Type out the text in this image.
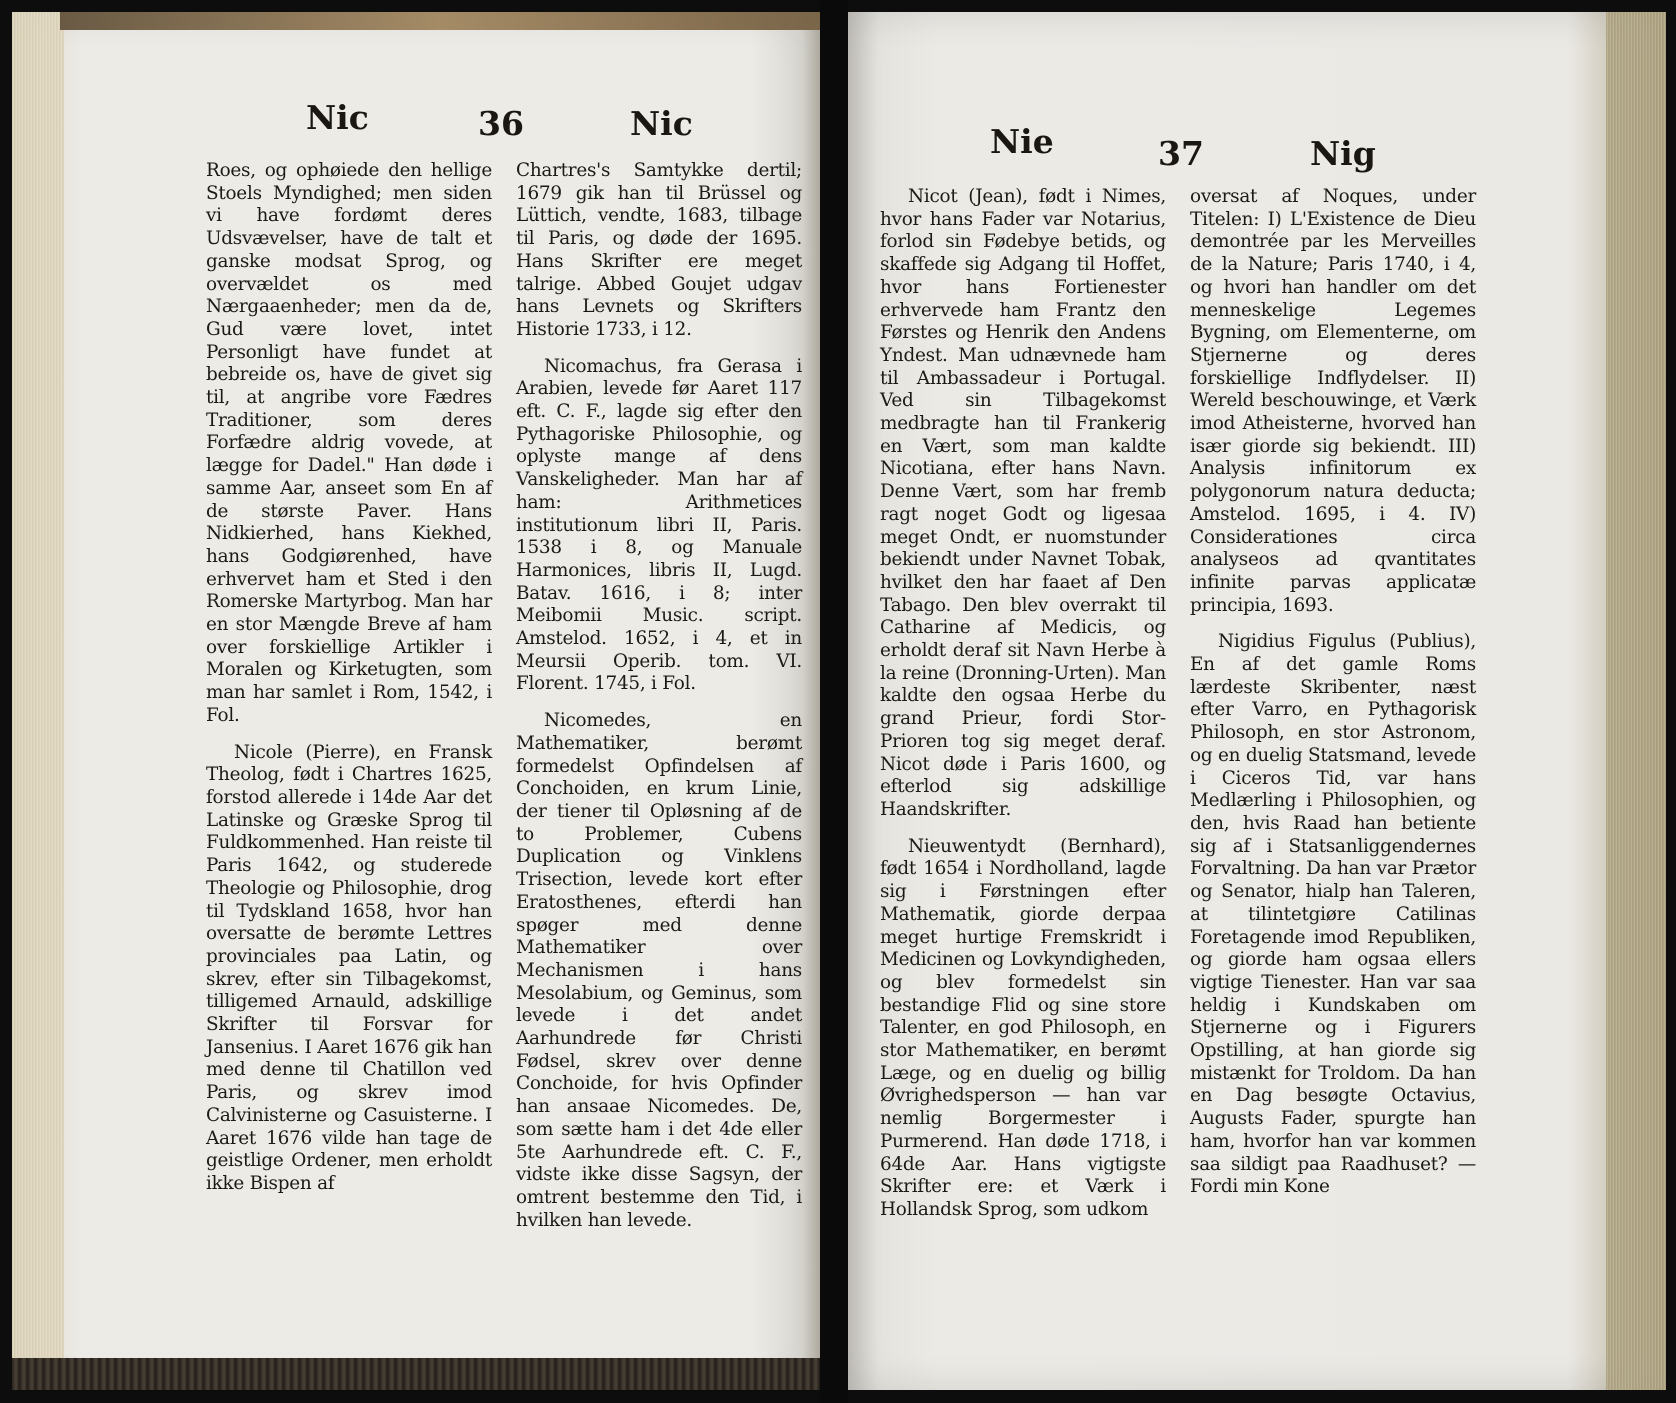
Nic	36	Nic

Roes, og ophøiede den hellige Stoels Myndighed; men siden vi have fordømt deres Udsvævelser, have de talt et ganske modsat Sprog, og overvældet os med Nærgaaenheder; men da de, Gud være lovet, intet Personligt have fundet at bebreide os, have de givet sig til, at angribe vore Fædres Traditioner, som deres Forfædre aldrig vovede, at lægge for Dadel." Han døde i samme Aar, anseet som En af de største Paver. Hans Nidkierhed, hans Kiekhed, hans Godgiørenhed, have erhvervet ham et Sted i den Romerske Martyrbog. Man har en stor Mængde Breve af ham over forskiellige Artikler i Moralen og Kirketugten, som man har samlet i Rom, 1542, i Fol.

Nicole (Pierre), en Fransk Theolog, født i Chartres 1625, forstod allerede i 14de Aar det Latinske og Græske Sprog til Fuldkommenhed. Han reiste til Paris 1642, og studerede Theologie og Philosophie, drog til Tydskland 1658, hvor han oversatte de berømte Lettres provinciales paa Latin, og skrev, efter sin Tilbagekomst, tilligemed Arnauld, adskillige Skrifter til Forsvar for Jansenius. I Aaret 1676 gik han med denne til Chatillon ved Paris, og skrev imod Calvinisterne og Casuisterne. I Aaret 1676 vilde han tage de geistlige Ordener, men erholdt ikke Bispen af

Chartres's Samtykke dertil; 1679 gik han til Brüssel og Lüttich, vendte, 1683, tilbage til Paris, og døde der 1695. Hans Skrifter ere meget talrige. Abbed Goujet udgav hans Levnets og Skrifters Historie 1733, i 12.

Nicomachus, fra Gerasa i Arabien, levede før Aaret 117 eft. C. F., lagde sig efter den Pythagoriske Philosophie, og oplyste mange af dens Vanskeligheder. Man har af ham: Arithmetices institutionum libri II, Paris. 1538 i 8, og Manuale Harmonices, libris II, Lugd. Batav. 1616, i 8; inter Meibomii Music. script. Amstelod. 1652, i 4, et in Meursii Operib. tom. VI. Florent. 1745, i Fol.

Nicomedes, en Mathematiker, berømt formedelst Opfindelsen af Conchoiden, en krum Linie, der tiener til Opløsning af de to Problemer, Cubens Duplication og Vinklens Trisection, levede kort efter Eratosthenes, efterdi han spøger med denne Mathematiker over Mechanismen i hans Mesolabium, og Geminus, som levede i det andet Aarhundrede før Christi Fødsel, skrev over denne Conchoide, for hvis Opfinder han ansaae Nicomedes. De, som sætte ham i det 4de eller 5te Aarhundrede eft. C. F., vidste ikke disse Sagsyn, der omtrent bestemme den Tid, i hvilken han levede.

Nie	37	Nig

Nicot (Jean), født i Nimes, hvor hans Fader var Notarius, forlod sin Fødebye betids, og skaffede sig Adgang til Hoffet, hvor hans Fortienester erhvervede ham Frantz den Førstes og Henrik den Andens Yndest. Man udnævnede ham til Ambassadeur i Portugal. Ved sin Tilbagekomst medbragte han til Frankerig en Vært, som man kaldte Nicotiana, efter hans Navn. Denne Vært, som har fremb ragt noget Godt og ligesaa meget Ondt, er nuomstunder bekiendt under Navnet Tobak, hvilket den har faaet af Den Tabago. Den blev overrakt til Catharine af Medicis, og erholdt deraf sit Navn Herbe à la reine (Dronning-Urten). Man kaldte den ogsaa Herbe du grand Prieur, fordi Stor-Prioren tog sig meget deraf. Nicot døde i Paris 1600, og efterlod sig adskillige Haandskrifter.

Nieuwentydt (Bernhard), født 1654 i Nordholland, lagde sig i Førstningen efter Mathematik, giorde derpaa meget hurtige Fremskridt i Medicinen og Lovkyndigheden, og blev formedelst sin bestandige Flid og sine store Talenter, en god Philosoph, en stor Mathematiker, en berømt Læge, og en duelig og billig Øvrighedsperson — han var nemlig Borgermester i Purmerend. Han døde 1718, i 64de Aar. Hans vigtigste Skrifter ere: et Værk i Hollandsk Sprog, som udkom

oversat af Noques, under Titelen: I) L'Existence de Dieu demontrée par les Merveilles de la Nature; Paris 1740, i 4, og hvori han handler om det menneskelige Legemes Bygning, om Elementerne, om Stjernerne og deres forskiellige Indflydelser. II) Wereld beschouwinge, et Værk imod Atheisterne, hvorved han især giorde sig bekiendt. III) Analysis infinitorum ex polygonorum natura deducta; Amstelod. 1695, i 4. IV) Considerationes circa analyseos ad qvantitates infinite parvas applicatæ principia, 1693.

Nigidius Figulus (Publius), En af det gamle Roms lærdeste Skribenter, næst efter Varro, en Pythagorisk Philosoph, en stor Astronom, og en duelig Statsmand, levede i Ciceros Tid, var hans Medlærling i Philosophien, og den, hvis Raad han betiente sig af i Statsanliggendernes Forvaltning. Da han var Prætor og Senator, hialp han Taleren, at tilintetgiøre Catilinas Foretagende imod Republiken, og giorde ham ogsaa ellers vigtige Tienester. Han var saa heldig i Kundskaben om Stjernerne og i Figurers Opstilling, at han giorde sig mistænkt for Troldom. Da han en Dag besøgte Octavius, Augusts Fader, spurgte han ham, hvorfor han var kommen saa sildigt paa Raadhuset? — Fordi min Kone
